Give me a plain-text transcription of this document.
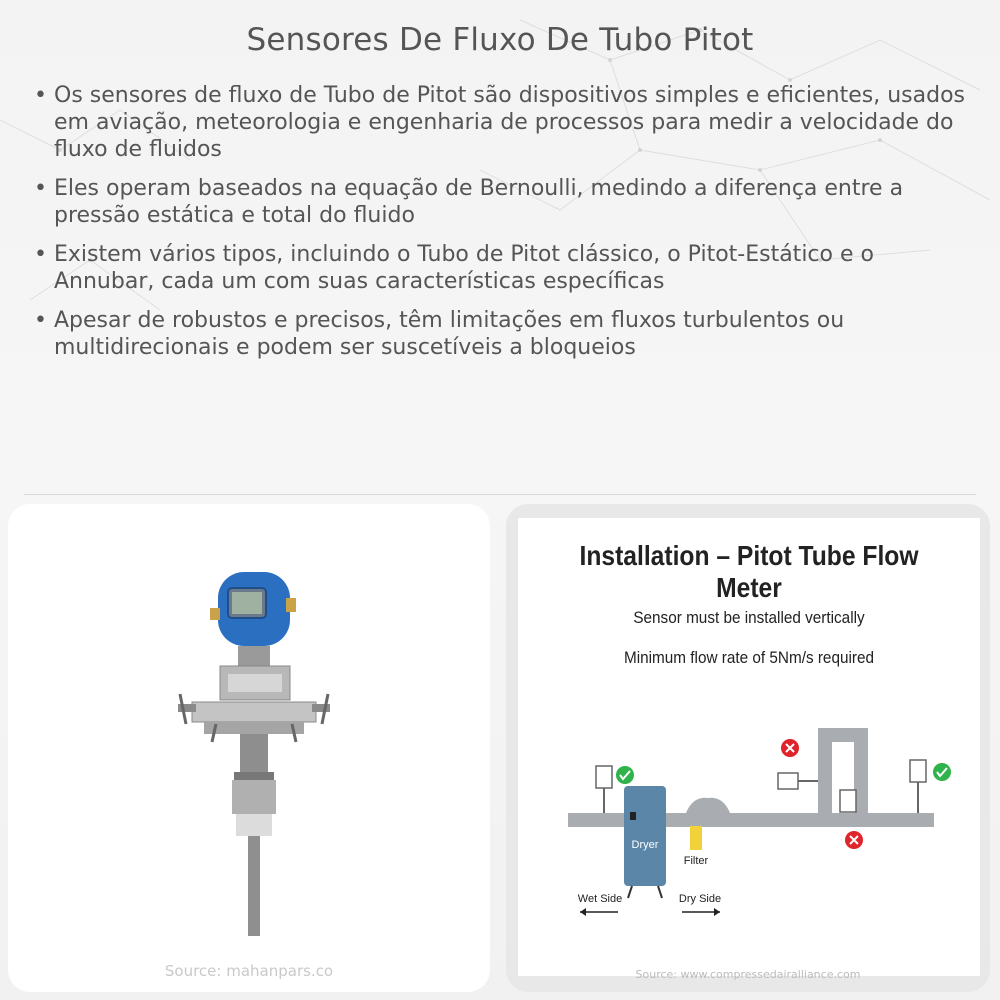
Sensores De Fluxo De Tubo Pitot
• Os sensores de fluxo de Tubo de Pitot são dispositivos simples e eficientes, usados em aviação, meteorologia e engenharia de processos para medir a velocidade do fluxo de fluidos
• Eles operam baseados na equação de Bernoulli, medindo a diferença entre a pressão estática e total do fluido
• Existem vários tipos, incluindo o Tubo de Pitot clássico, o Pitot-Estático e o Annubar, cada um com suas características específicas
• Apesar de robustos e precisos, têm limitações em fluxos turbulentos ou multidirecionais e podem ser suscetíveis a bloqueios
Source: mahanpars.co
Installation – Pitot Tube Flow Meter
Sensor must be installed vertically
Minimum flow rate of 5Nm/s required
Dryer
Filter
Wet Side	Dry Side
Source: www.compressedairalliance.com
